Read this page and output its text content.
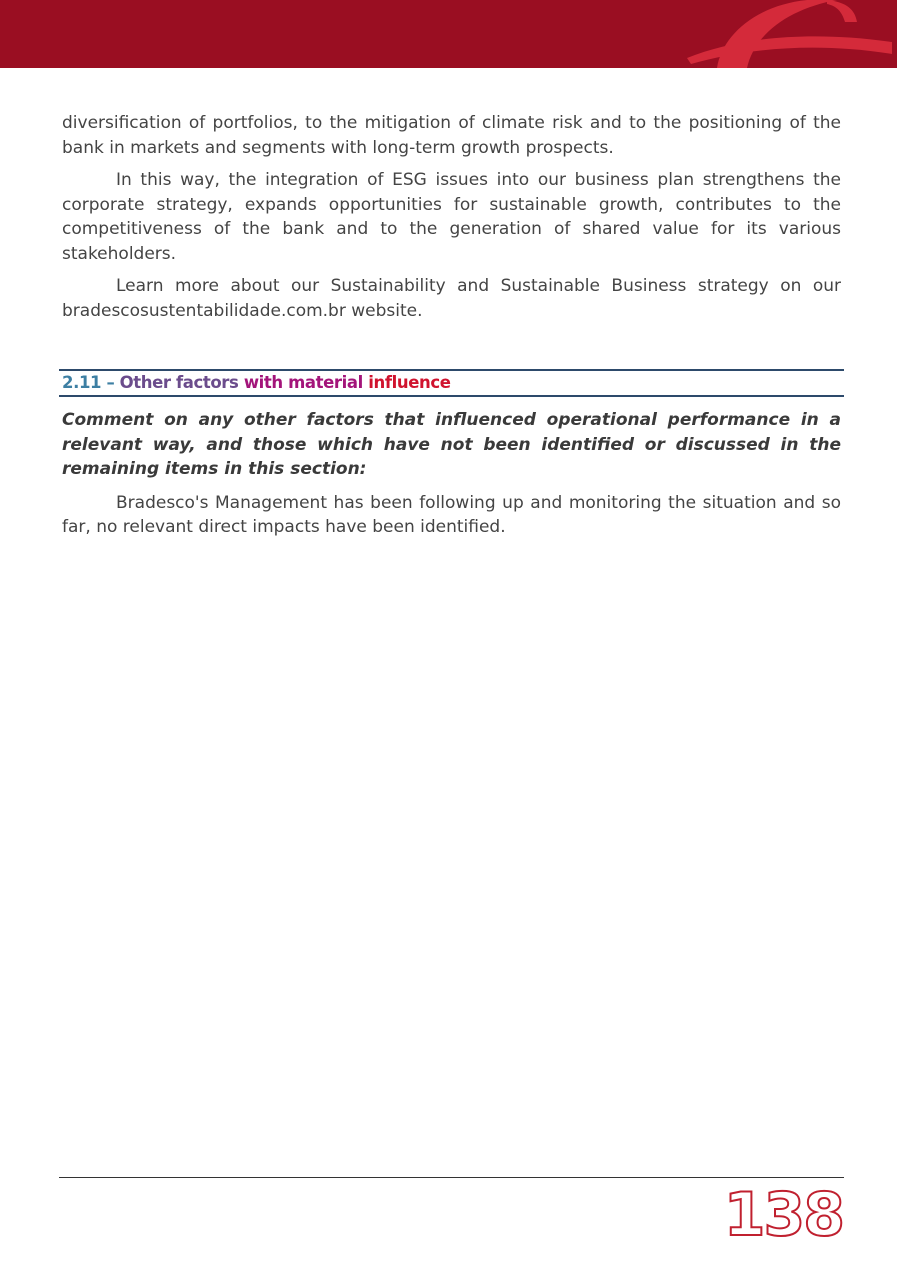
diversification of portfolios, to the mitigation of climate risk and to the positioning of the bank in markets and segments with long-term growth prospects.

In this way, the integration of ESG issues into our business plan strengthens the corporate strategy, expands opportunities for sustainable growth, contributes to the competitiveness of the bank and to the generation of shared value for its various stakeholders.

Learn more about our Sustainability and Sustainable Business strategy on our bradescosustentabilidade.com.br website.

2.11 – Other factors with material influence

Comment on any other factors that influenced operational performance in a relevant way, and those which have not been identified or discussed in the remaining items in this section:

Bradesco's Management has been following up and monitoring the situation and so far, no relevant direct impacts have been identified.

138
